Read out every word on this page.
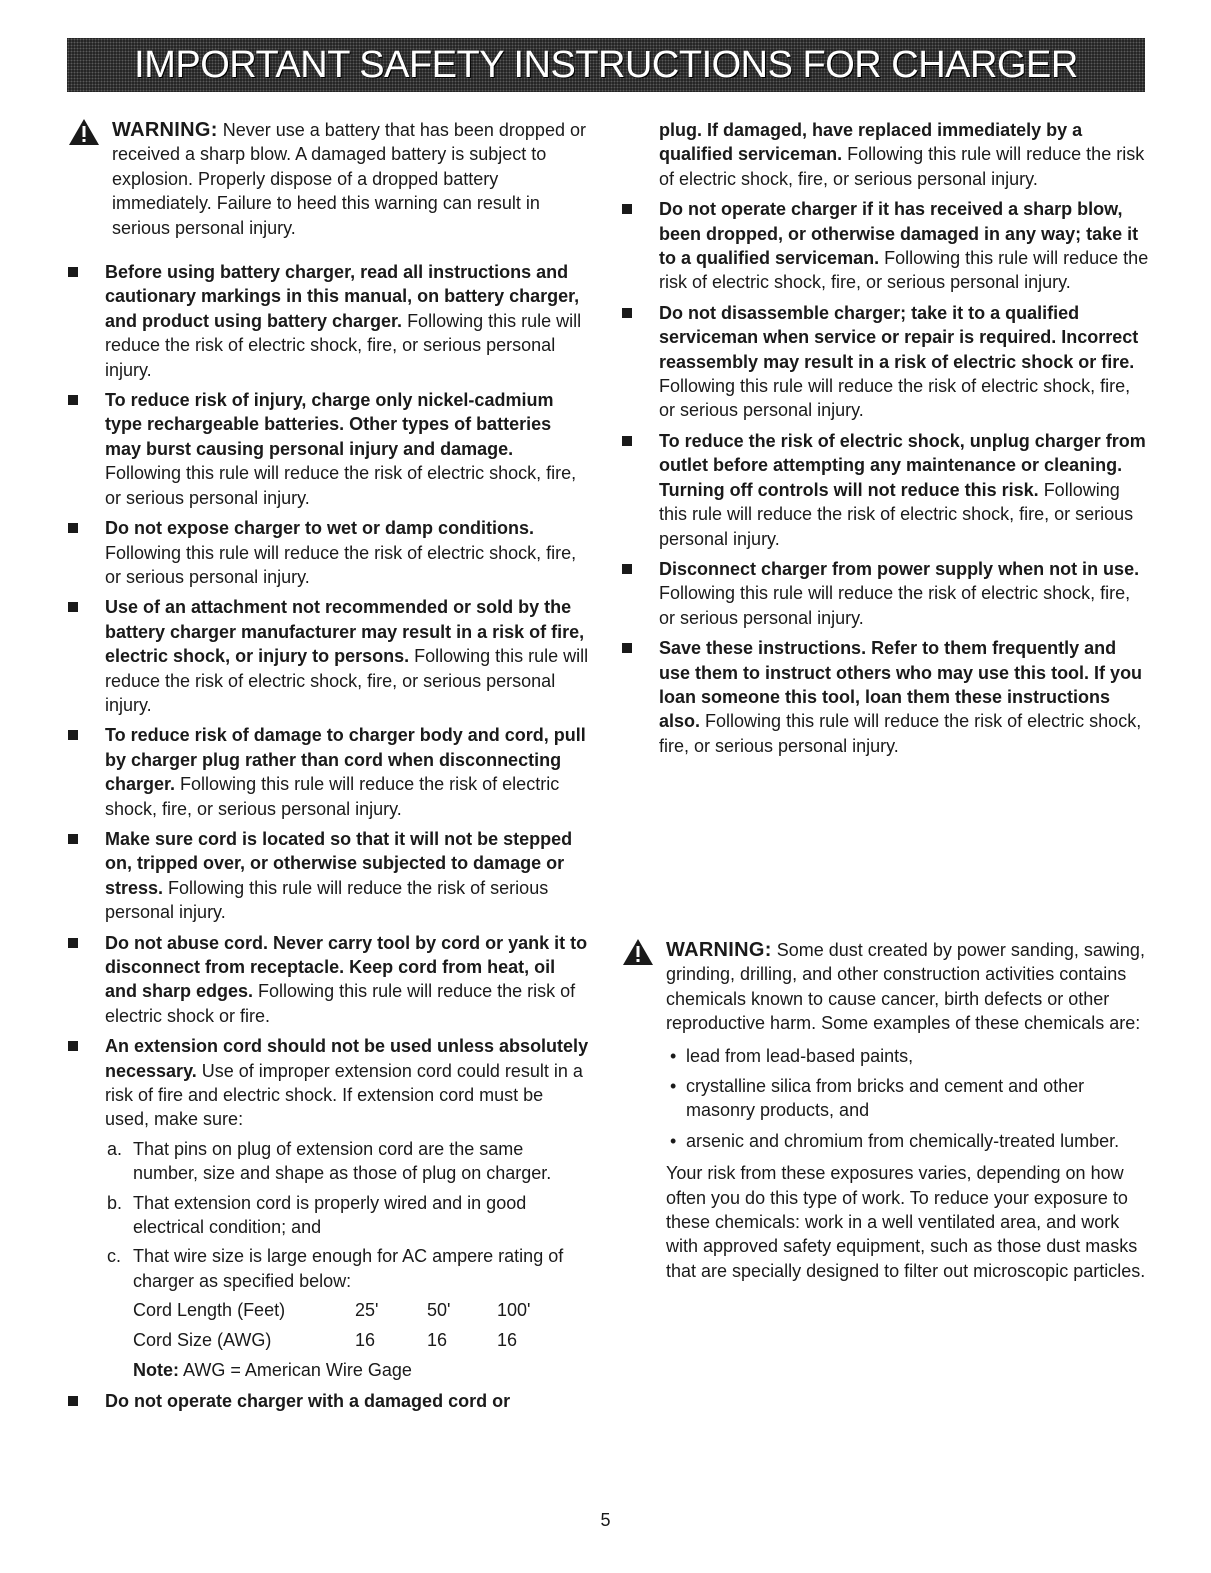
IMPORTANT SAFETY INSTRUCTIONS FOR CHARGER
WARNING: Never use a battery that has been dropped or received a sharp blow. A damaged battery is subject to explosion. Properly dispose of a dropped battery immediately. Failure to heed this warning can result in serious personal injury.
Before using battery charger, read all instructions and cautionary markings in this manual, on battery charger, and product using battery charger. Following this rule will reduce the risk of electric shock, fire, or serious personal injury.
To reduce risk of injury, charge only nickel-cadmium type rechargeable batteries. Other types of batteries may burst causing personal injury and damage. Following this rule will reduce the risk of electric shock, fire, or serious personal injury.
Do not expose charger to wet or damp conditions. Following this rule will reduce the risk of electric shock, fire, or serious personal injury.
Use of an attachment not recommended or sold by the battery charger manufacturer may result in a risk of fire, electric shock, or injury to persons. Following this rule will reduce the risk of electric shock, fire, or serious personal injury.
To reduce risk of damage to charger body and cord, pull by charger plug rather than cord when disconnecting charger. Following this rule will reduce the risk of electric shock, fire, or serious personal injury.
Make sure cord is located so that it will not be stepped on, tripped over, or otherwise subjected to damage or stress. Following this rule will reduce the risk of serious personal injury.
Do not abuse cord. Never carry tool by cord or yank it to disconnect from receptacle. Keep cord from heat, oil and sharp edges. Following this rule will reduce the risk of electric shock or fire.
An extension cord should not be used unless absolutely necessary. Use of improper extension cord could result in a risk of fire and electric shock. If extension cord must be used, make sure:
a. That pins on plug of extension cord are the same number, size and shape as those of plug on charger.
b. That extension cord is properly wired and in good electrical condition; and
c. That wire size is large enough for AC ampere rating of charger as specified below:
Cord Length (Feet)	25'	50'	100'
Cord Size (AWG)	16	16	16
Note: AWG = American Wire Gage
Do not operate charger with a damaged cord or
plug. If damaged, have replaced immediately by a qualified serviceman. Following this rule will reduce the risk of electric shock, fire, or serious personal injury.
Do not operate charger if it has received a sharp blow, been dropped, or otherwise damaged in any way; take it to a qualified serviceman. Following this rule will reduce the risk of electric shock, fire, or serious personal injury.
Do not disassemble charger; take it to a qualified serviceman when service or repair is required. Incorrect reassembly may result in a risk of electric shock or fire. Following this rule will reduce the risk of electric shock, fire, or serious personal injury.
To reduce the risk of electric shock, unplug charger from outlet before attempting any maintenance or cleaning. Turning off controls will not reduce this risk. Following this rule will reduce the risk of electric shock, fire, or serious personal injury.
Disconnect charger from power supply when not in use. Following this rule will reduce the risk of electric shock, fire, or serious personal injury.
Save these instructions. Refer to them frequently and use them to instruct others who may use this tool. If you loan someone this tool, loan them these instructions also. Following this rule will reduce the risk of electric shock, fire, or serious personal injury.
WARNING: Some dust created by power sanding, sawing, grinding, drilling, and other construction activities contains chemicals known to cause cancer, birth defects or other reproductive harm. Some examples of these chemicals are:
• lead from lead-based paints,
• crystalline silica from bricks and cement and other masonry products, and
• arsenic and chromium from chemically-treated lumber.
Your risk from these exposures varies, depending on how often you do this type of work. To reduce your exposure to these chemicals: work in a well ventilated area, and work with approved safety equipment, such as those dust masks that are specially designed to filter out microscopic particles.
5
